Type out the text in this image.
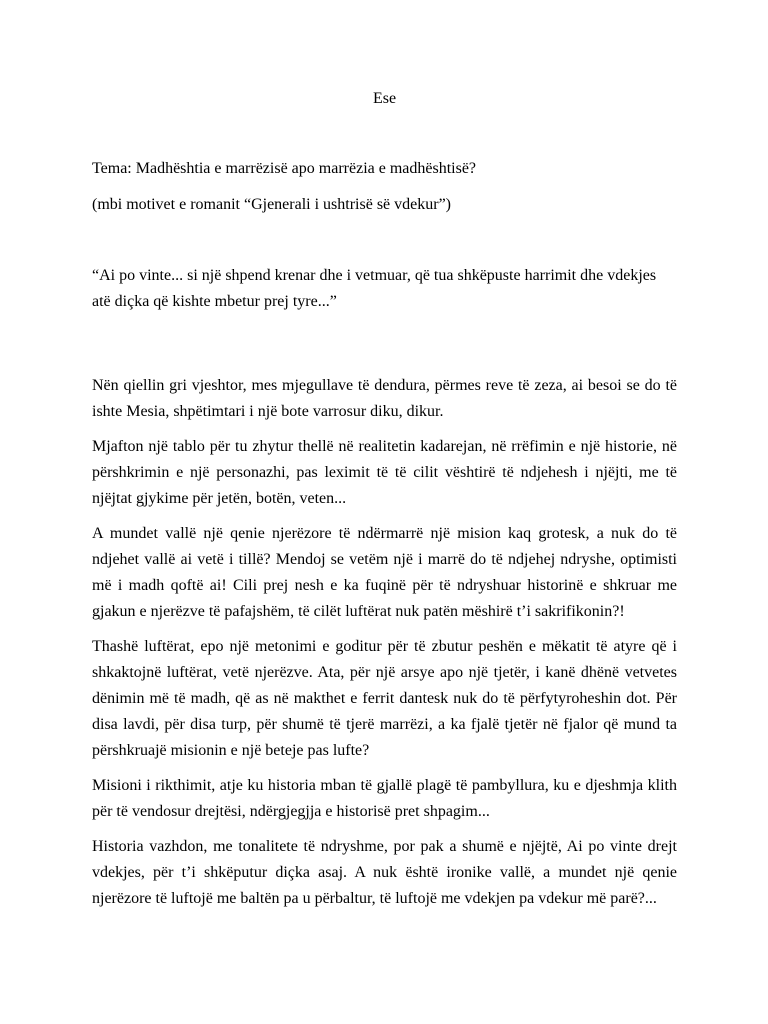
Ese

Tema: Madhështia e marrëzisë apo marrëzia e madhështisë?

(mbi motivet e romanit “Gjenerali i ushtrisë së vdekur”)

“Ai po vinte... si një shpend krenar dhe i vetmuar, që tua shkëpuste harrimit dhe vdekjes atë diçka që kishte mbetur prej tyre...”

Nën qiellin gri vjeshtor, mes mjegullave të dendura, përmes reve të zeza, ai besoi se do të ishte Mesia, shpëtimtari i një bote varrosur diku, dikur.

Mjafton një tablo për tu zhytur thellë në realitetin kadarejan, në rrëfimin e një historie, në përshkrimin e një personazhi, pas leximit të të cilit vështirë të ndjehesh i njëjti, me të njëjtat gjykime për jetën, botën, veten...

A mundet vallë një qenie njerëzore të ndërmarrë një mision kaq grotesk, a nuk do të ndjehet vallë ai vetë i tillë? Mendoj se vetëm një i marrë do të ndjehej ndryshe, optimisti më i madh qoftë ai! Cili prej nesh e ka fuqinë për të ndryshuar historinë e shkruar me gjakun e njerëzve të pafajshëm, të cilët luftërat nuk patën mëshirë t’i sakrifikonin?!

Thashë luftërat, epo një metonimi e goditur për të zbutur peshën e mëkatit të atyre që i shkaktojnë luftërat, vetë njerëzve. Ata, për një arsye apo një tjetër, i kanë dhënë vetvetes dënimin më të madh, që as në makthet e ferrit dantesk nuk do të përfytyroheshin dot. Për disa lavdi, për disa turp, për shumë të tjerë marrëzi, a ka fjalë tjetër në fjalor që mund ta përshkruajë misionin e një beteje pas lufte?

Misioni i rikthimit, atje ku historia mban të gjallë plagë të pambyllura, ku e djeshmja klith për të vendosur drejtësi, ndërgjegjja e historisë pret shpagim...

Historia vazhdon, me tonalitete të ndryshme, por pak a shumë e njëjtë, Ai po vinte drejt vdekjes, për t’i shkëputur diçka asaj. A nuk është ironike vallë, a mundet një qenie njerëzore të luftojë me baltën pa u përbaltur, të luftojë me vdekjen pa vdekur më parë?...
